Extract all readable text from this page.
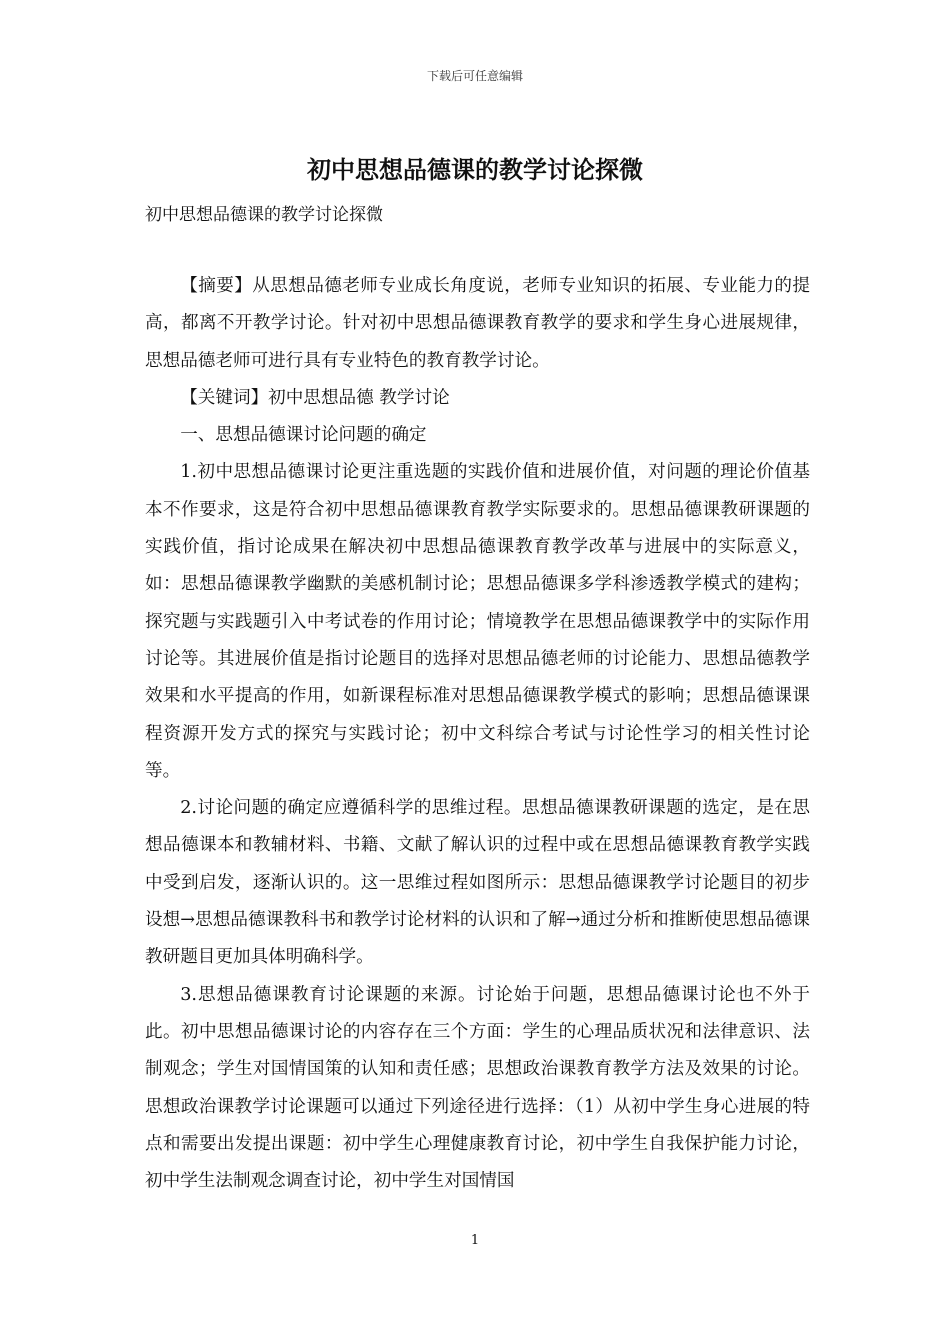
下载后可任意编辑
初中思想品德课的教学讨论探微
初中思想品德课的教学讨论探微

【摘要】从思想品德老师专业成长角度说，老师专业知识的拓展、专业能力的提高，都离不开教学讨论。针对初中思想品德课教育教学的要求和学生身心进展规律，思想品德老师可进行具有专业特色的教育教学讨论。

【关键词】初中思想品德 教学讨论

一、思想品德课讨论问题的确定

1.初中思想品德课讨论更注重选题的实践价值和进展价值，对问题的理论价值基本不作要求，这是符合初中思想品德课教育教学实际要求的。思想品德课教研课题的实践价值，指讨论成果在解决初中思想品德课教育教学改革与进展中的实际意义，如：思想品德课教学幽默的美感机制讨论；思想品德课多学科渗透教学模式的建构；探究题与实践题引入中考试卷的作用讨论；情境教学在思想品德课教学中的实际作用讨论等。其进展价值是指讨论题目的选择对思想品德老师的讨论能力、思想品德教学效果和水平提高的作用，如新课程标准对思想品德课教学模式的影响；思想品德课课程资源开发方式的探究与实践讨论；初中文科综合考试与讨论性学习的相关性讨论等。

2.讨论问题的确定应遵循科学的思维过程。思想品德课教研课题的选定，是在思想品德课本和教辅材料、书籍、文献了解认识的过程中或在思想品德课教育教学实践中受到启发，逐渐认识的。这一思维过程如图所示：思想品德课教学讨论题目的初步设想→思想品德课教科书和教学讨论材料的认识和了解→通过分析和推断使思想品德课教研题目更加具体明确科学。

3.思想品德课教育讨论课题的来源。讨论始于问题，思想品德课讨论也不外于此。初中思想品德课讨论的内容存在三个方面：学生的心理品质状况和法律意识、法制观念；学生对国情国策的认知和责任感；思想政治课教育教学方法及效果的讨论。思想政治课教学讨论课题可以通过下列途径进行选择：（1）从初中学生身心进展的特点和需要出发提出课题：初中学生心理健康教育讨论，初中学生自我保护能力讨论，初中学生法制观念调查讨论，初中学生对国情国

1
